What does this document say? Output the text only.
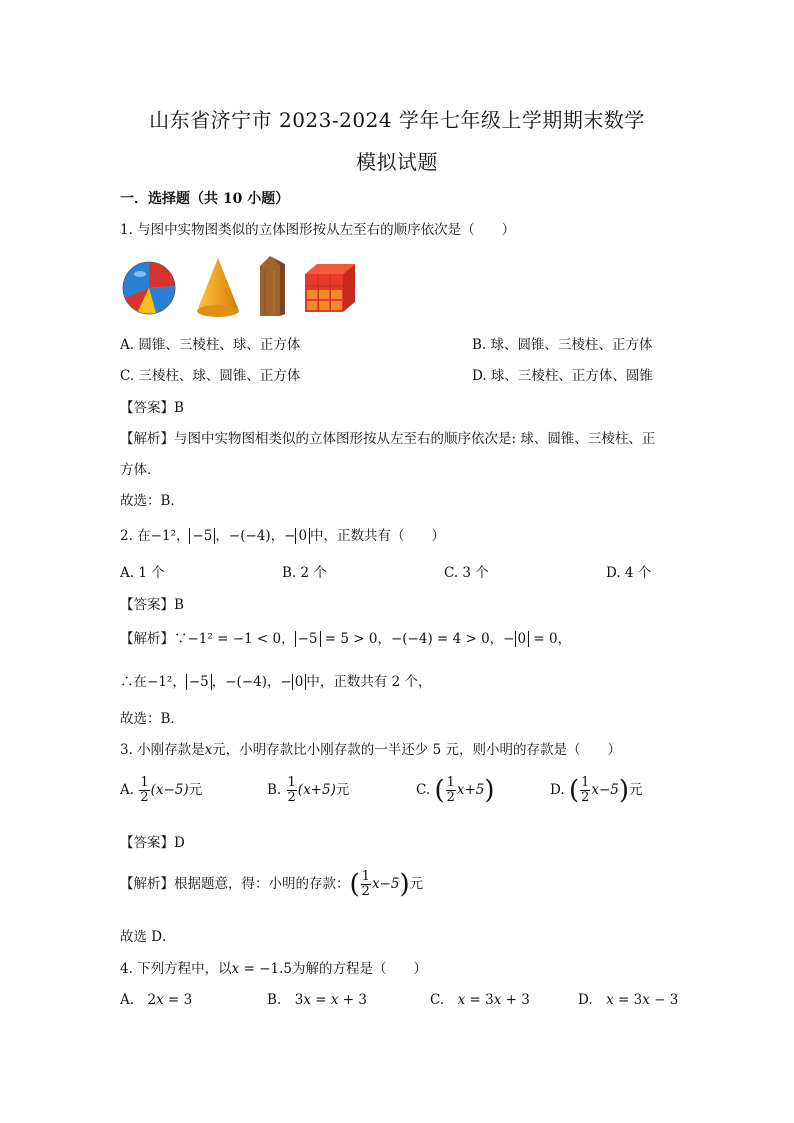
山东省济宁市 2023-2024 学年七年级上学期期末数学
模拟试题
一．选择题（共 10 小题）
1. 与图中实物图类似的立体图形按从左至右的顺序依次是（　　）
A. 圆锥、三棱柱、球、正方体	B. 球、圆锥、三棱柱、正方体
C. 三棱柱、球、圆锥、正方体	D. 球、三棱柱、正方体、圆锥
【答案】B
【解析】与图中实物图相类似的立体图形按从左至右的顺序依次是: 球、圆锥、三棱柱、正
方体．
故选：B．
2. 在−1²， −5 ，−(−4)，− 0 中，正数共有（　　）
A. 1 个	B. 2 个	C. 3 个	D. 4 个
【答案】B
【解析】∵−1² = −1 < 0， −5 = 5 > 0，−(−4) = 4 > 0，− 0 = 0，
∴在−1²， −5 ，−(−4)，− 0 中，正数共有 2 个，
故选：B．
3. 小刚存款是x元，小明存款比小刚存款的一半还少 5 元，则小明的存款是（　　）
A. $\frac{1}{2} (x-5)$元	B. $\frac{1}{2} (x+5)$元	C. ( $\frac{1}{2} x+5$)	D. ( $\frac{1}{2} x-5$)元
【答案】D
【解析】根据题意，得：小明的存款：( $\frac{1}{2} x-5$)元
故选 D．
4. 下列方程中，以x = −1.5为解的方程是（　　）
A.　 2x = 3	B.　 3x = x + 3	C.　 x = 3x + 3	D.　 x = 3x − 3
